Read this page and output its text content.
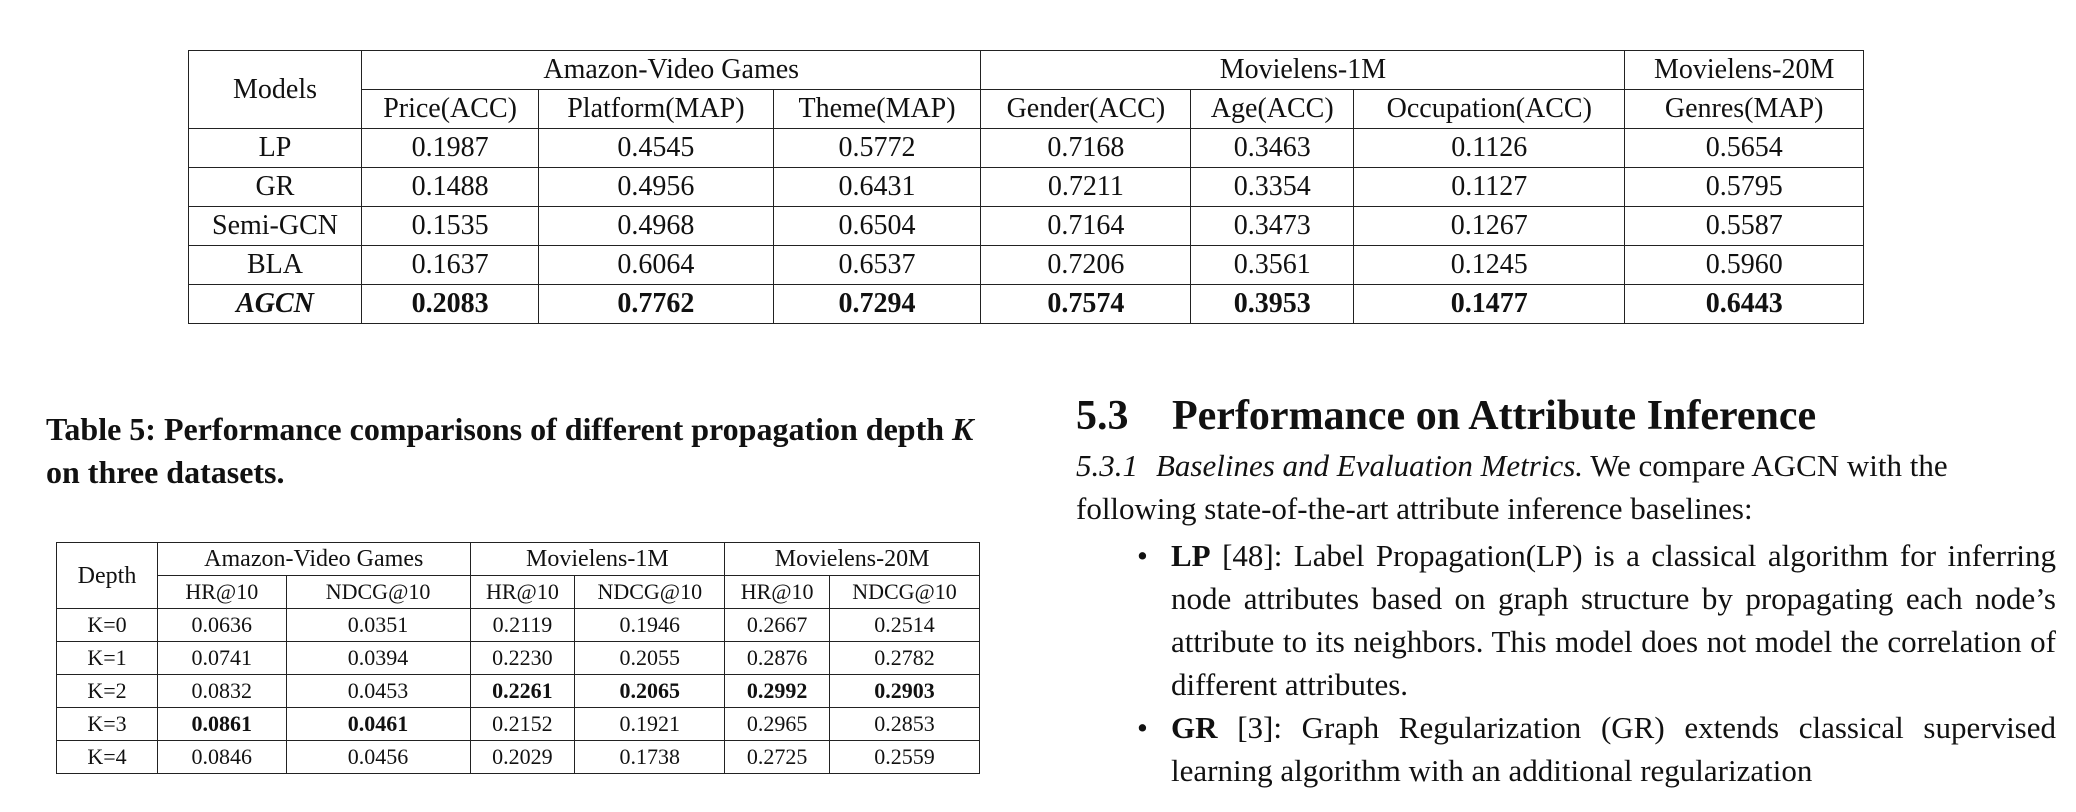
Models	Amazon-Video Games			Movielens-1M			Movielens-20M
	Price(ACC)	Platform(MAP)	Theme(MAP)	Gender(ACC)	Age(ACC)	Occupation(ACC)	Genres(MAP)
LP	0.1987	0.4545	0.5772	0.7168	0.3463	0.1126	0.5654
GR	0.1488	0.4956	0.6431	0.7211	0.3354	0.1127	0.5795
Semi-GCN	0.1535	0.4968	0.6504	0.7164	0.3473	0.1267	0.5587
BLA	0.1637	0.6064	0.6537	0.7206	0.3561	0.1245	0.5960
AGCN	0.2083	0.7762	0.7294	0.7574	0.3953	0.1477	0.6443
Table 5: Performance comparisons of different propagation depth K on three datasets.
Depth	Amazon-Video Games		Movielens-1M		Movielens-20M	
	HR@10	NDCG@10	HR@10	NDCG@10	HR@10	NDCG@10
K=0	0.0636	0.0351	0.2119	0.1946	0.2667	0.2514
K=1	0.0741	0.0394	0.2230	0.2055	0.2876	0.2782
K=2	0.0832	0.0453	0.2261	0.2065	0.2992	0.2903
K=3	0.0861	0.0461	0.2152	0.1921	0.2965	0.2853
K=4	0.0846	0.0456	0.2029	0.1738	0.2725	0.2559
5.3 Performance on Attribute Inference

5.3.1 Baselines and Evaluation Metrics. We compare AGCN with the following state-of-the-art attribute inference baselines:

• LP [48]: Label Propagation(LP) is a classical algorithm for inferring node attributes based on graph structure by propagating each node’s attribute to its neighbors. This model does not model the correlation of different attributes.
• GR [3]: Graph Regularization (GR) extends classical supervised learning algorithm with an additional regularization
